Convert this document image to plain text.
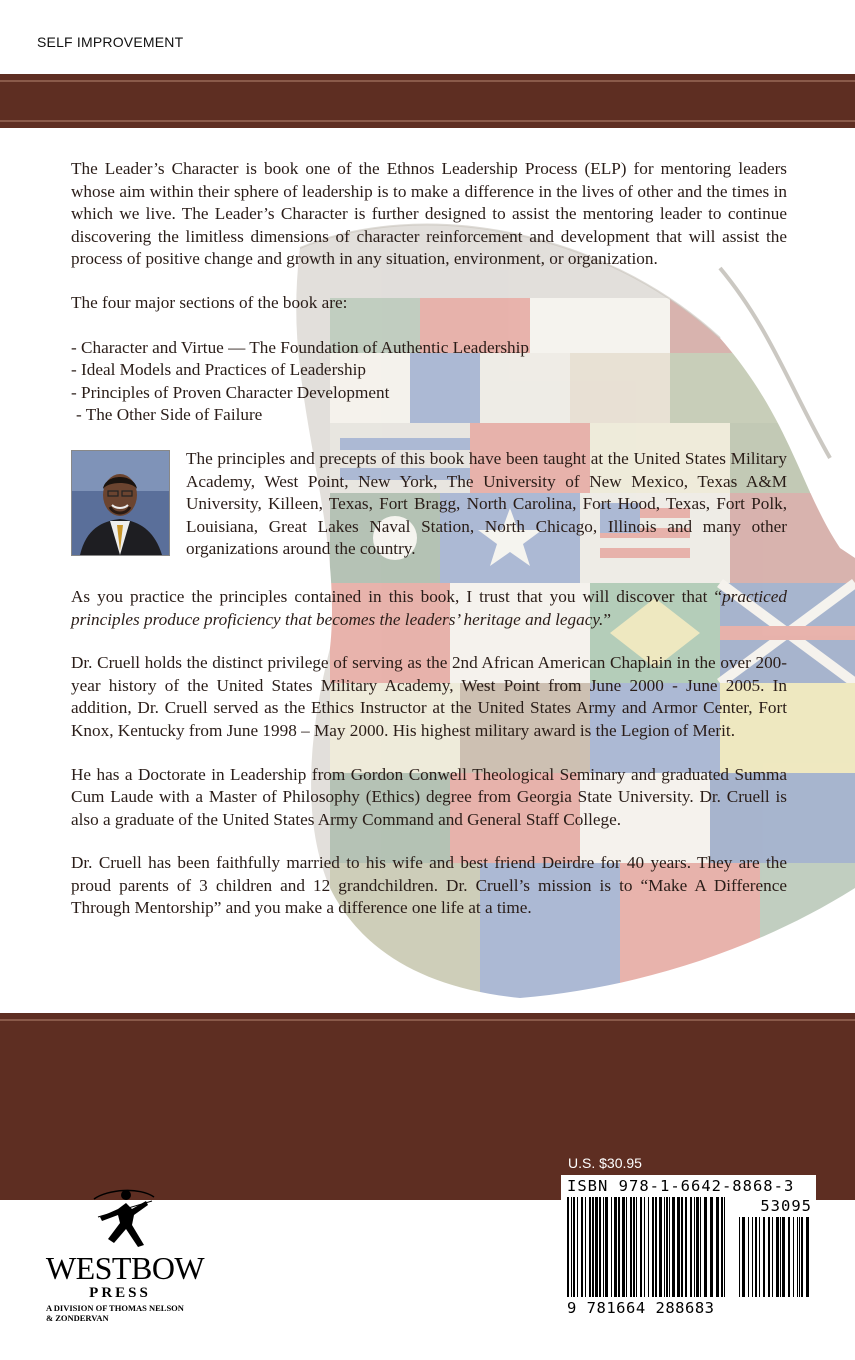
SELF IMPROVEMENT

The Leader’s Character is book one of the Ethnos Leadership Process (ELP) for mentoring leaders whose aim within their sphere of leadership is to make a difference in the lives of other and the times in which we live. The Leader’s Character is further designed to assist the mentoring leader to continue discovering the limitless dimensions of character reinforcement and development that will assist the process of positive change and growth in any situation, environment, or organization.

The four major sections of the book are:

- Character and Virtue — The Foundation of Authentic Leadership
- Ideal Models and Practices of Leadership
- Principles of Proven Character Development
- The Other Side of Failure

The principles and precepts of this book have been taught at the United States Military Academy, West Point, New York, The University of New Mexico, Texas A&M University, Killeen, Texas, Fort Bragg, North Carolina, Fort Hood, Texas, Fort Polk, Louisiana, Great Lakes Naval Station, North Chicago, Illinois and many other organizations around the country.

As you practice the principles contained in this book, I trust that you will discover that “practiced principles produce proficiency that becomes the leaders’ heritage and legacy.”

Dr. Cruell holds the distinct privilege of serving as the 2nd African American Chaplain in the over 200-year history of the United States Military Academy, West Point from June 2000 - June 2005. In addition, Dr. Cruell served as the Ethics Instructor at the United States Army and Armor Center, Fort Knox, Kentucky from June 1998 – May 2000. His highest military award is the Legion of Merit.

He has a Doctorate in Leadership from Gordon Conwell Theological Seminary and graduated Summa Cum Laude with a Master of Philosophy (Ethics) degree from Georgia State University. Dr. Cruell is also a graduate of the United States Army Command and General Staff College.

Dr. Cruell has been faithfully married to his wife and best friend Deirdre for 40 years. They are the proud parents of 3 children and 12 grandchildren. Dr. Cruell’s mission is to “Make A Difference Through Mentorship” and you make a difference one life at a time.

U.S. $30.95
ISBN 978-1-6642-8868-3
53095
9 781664 288683
WESTBOW
PRESS
A DIVISION OF THOMAS NELSON
& ZONDERVAN
